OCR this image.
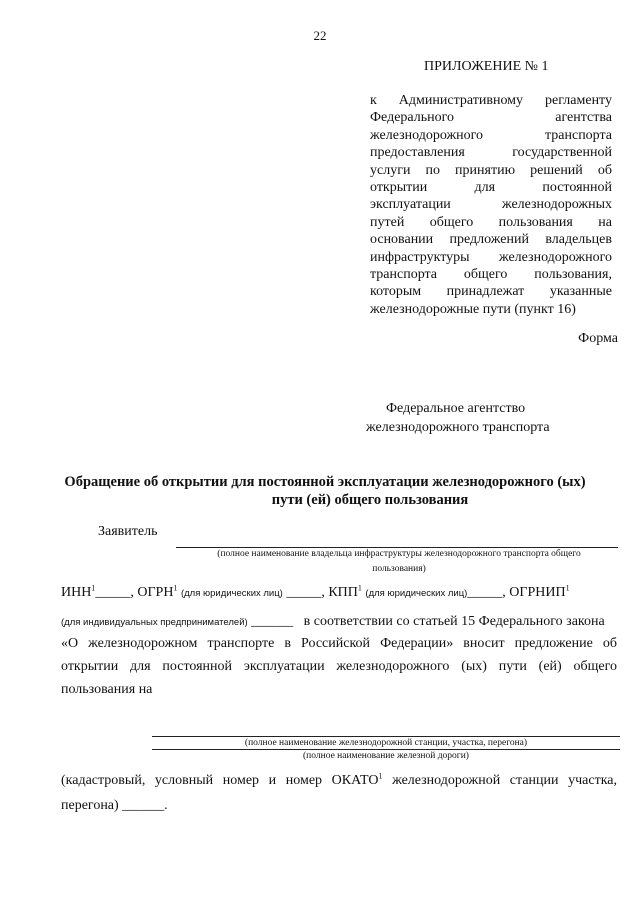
22
ПРИЛОЖЕНИЕ № 1
к Административному регламенту
Федерального агентства
железнодорожного транспорта
предоставления государственной
услуги по принятию решений об
открытии для постоянной
эксплуатации железнодорожных
путей общего пользования на
основании предложений владельцев
инфраструктуры железнодорожного
транспорта общего пользования,
которым принадлежат указанные
железнодорожные пути (пункт 16)
Форма
Федеральное агентство
железнодорожного транспорта
Обращение об открытии для постоянной эксплуатации железнодорожного (ых)
пути (ей) общего пользования
Заявитель
(полное наименование владельца инфраструктуры железнодорожного транспорта общего
пользования)
ИНН$^1$_____, ОГРН$^1$ (для юридических лиц) _____, КПП$^1$ (для юридических лиц)_____, ОГРНИП$^1$
(для индивидуальных предпринимателей) ______ в соответствии со статьей 15 Федерального закона
«О железнодорожном транспорте в Российской Федерации» вносит предложение об
открытии для постоянной эксплуатации железнодорожного (ых) пути (ей) общего
пользования на
(полное наименование железнодорожной станции, участка, перегона)
(полное наименование железной дороги)
(кадастровый, условный номер и номер ОКАТО$^1$ железнодорожной станции участка,
перегона) ______.
